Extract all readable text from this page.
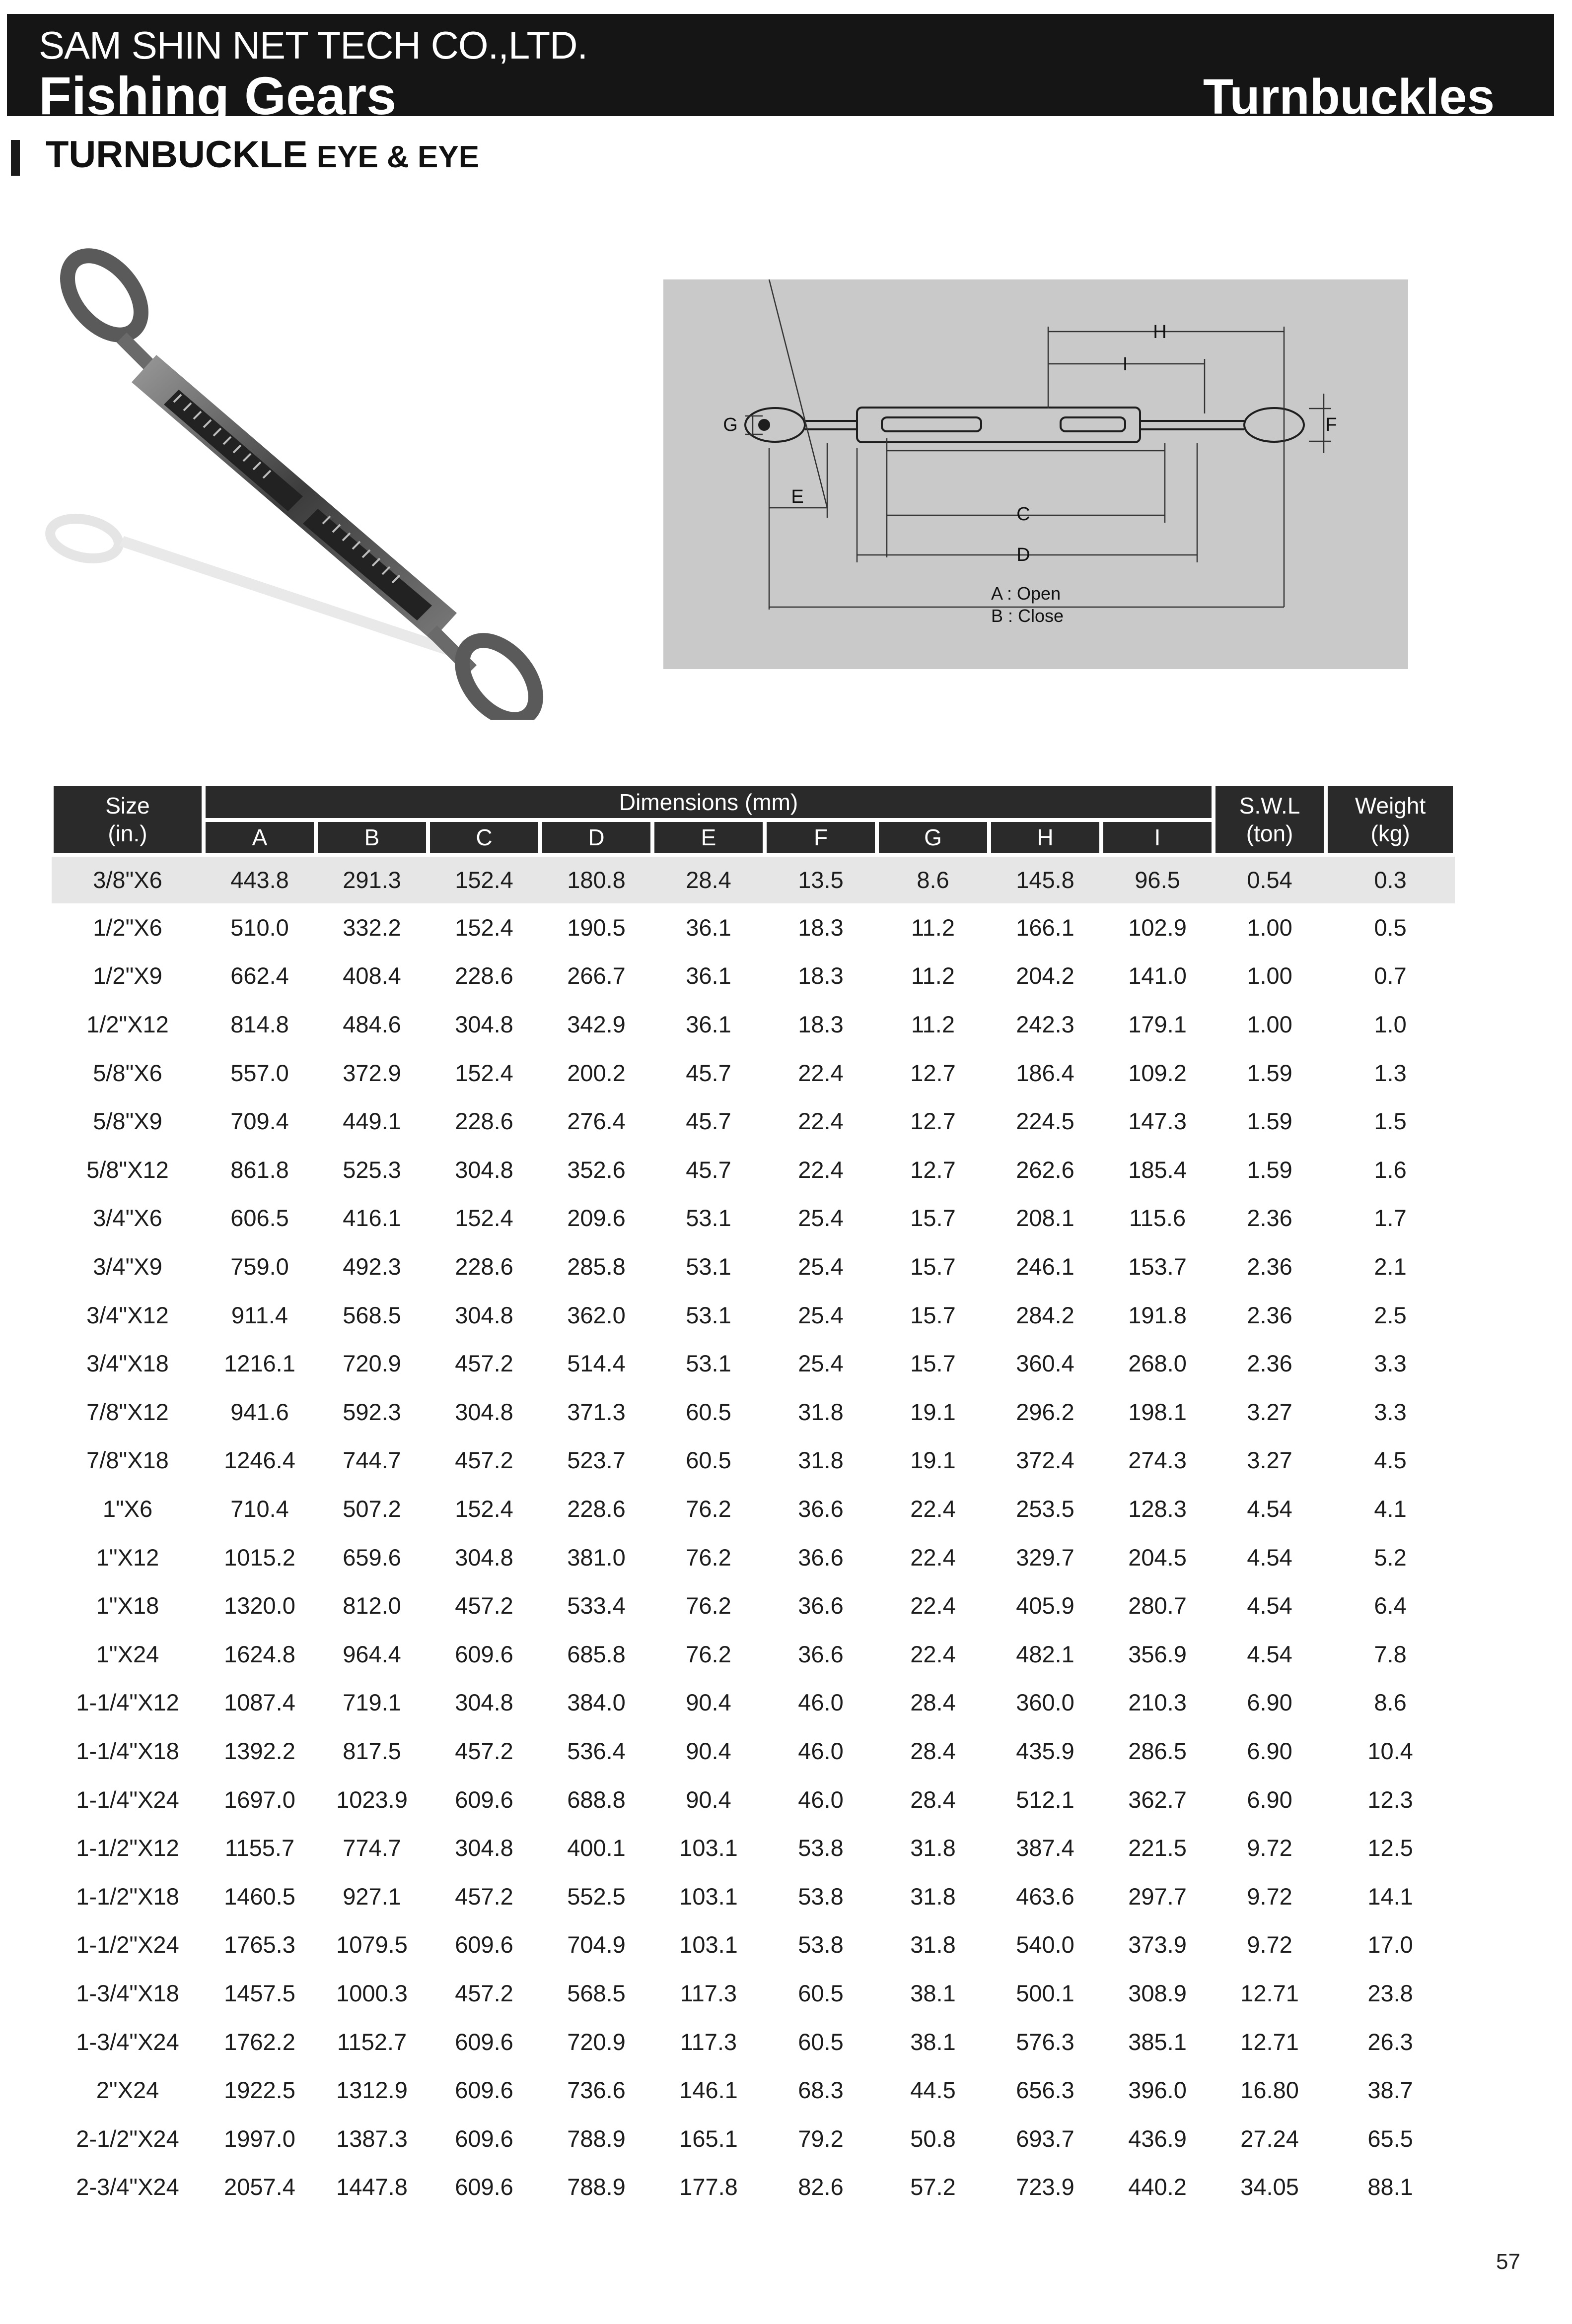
SAM SHIN NET TECH CO.,LTD.
Fishing Gears	Turnbuckles
TURNBUCKLE EYE & EYE
H
I
G	F
E
C
D
A : Open
B : Close
Size
(in.)	Dimensions (mm)									S.W.L
(ton)	Weight
(kg)
	A	B	C	D	E	F	G	H	I		
3/8"X6	443.8	291.3	152.4	180.8	28.4	13.5	8.6	145.8	96.5	0.54	0.3
1/2"X6	510.0	332.2	152.4	190.5	36.1	18.3	11.2	166.1	102.9	1.00	0.5
1/2"X9	662.4	408.4	228.6	266.7	36.1	18.3	11.2	204.2	141.0	1.00	0.7
1/2"X12	814.8	484.6	304.8	342.9	36.1	18.3	11.2	242.3	179.1	1.00	1.0
5/8"X6	557.0	372.9	152.4	200.2	45.7	22.4	12.7	186.4	109.2	1.59	1.3
5/8"X9	709.4	449.1	228.6	276.4	45.7	22.4	12.7	224.5	147.3	1.59	1.5
5/8"X12	861.8	525.3	304.8	352.6	45.7	22.4	12.7	262.6	185.4	1.59	1.6
3/4"X6	606.5	416.1	152.4	209.6	53.1	25.4	15.7	208.1	115.6	2.36	1.7
3/4"X9	759.0	492.3	228.6	285.8	53.1	25.4	15.7	246.1	153.7	2.36	2.1
3/4"X12	911.4	568.5	304.8	362.0	53.1	25.4	15.7	284.2	191.8	2.36	2.5
3/4"X18	1216.1	720.9	457.2	514.4	53.1	25.4	15.7	360.4	268.0	2.36	3.3
7/8"X12	941.6	592.3	304.8	371.3	60.5	31.8	19.1	296.2	198.1	3.27	3.3
7/8"X18	1246.4	744.7	457.2	523.7	60.5	31.8	19.1	372.4	274.3	3.27	4.5
1"X6	710.4	507.2	152.4	228.6	76.2	36.6	22.4	253.5	128.3	4.54	4.1
1"X12	1015.2	659.6	304.8	381.0	76.2	36.6	22.4	329.7	204.5	4.54	5.2
1"X18	1320.0	812.0	457.2	533.4	76.2	36.6	22.4	405.9	280.7	4.54	6.4
1"X24	1624.8	964.4	609.6	685.8	76.2	36.6	22.4	482.1	356.9	4.54	7.8
1-1/4"X12	1087.4	719.1	304.8	384.0	90.4	46.0	28.4	360.0	210.3	6.90	8.6
1-1/4"X18	1392.2	817.5	457.2	536.4	90.4	46.0	28.4	435.9	286.5	6.90	10.4
1-1/4"X24	1697.0	1023.9	609.6	688.8	90.4	46.0	28.4	512.1	362.7	6.90	12.3
1-1/2"X12	1155.7	774.7	304.8	400.1	103.1	53.8	31.8	387.4	221.5	9.72	12.5
1-1/2"X18	1460.5	927.1	457.2	552.5	103.1	53.8	31.8	463.6	297.7	9.72	14.1
1-1/2"X24	1765.3	1079.5	609.6	704.9	103.1	53.8	31.8	540.0	373.9	9.72	17.0
1-3/4"X18	1457.5	1000.3	457.2	568.5	117.3	60.5	38.1	500.1	308.9	12.71	23.8
1-3/4"X24	1762.2	1152.7	609.6	720.9	117.3	60.5	38.1	576.3	385.1	12.71	26.3
2"X24	1922.5	1312.9	609.6	736.6	146.1	68.3	44.5	656.3	396.0	16.80	38.7
2-1/2"X24	1997.0	1387.3	609.6	788.9	165.1	79.2	50.8	693.7	436.9	27.24	65.5
2-3/4"X24	2057.4	1447.8	609.6	788.9	177.8	82.6	57.2	723.9	440.2	34.05	88.1
57
